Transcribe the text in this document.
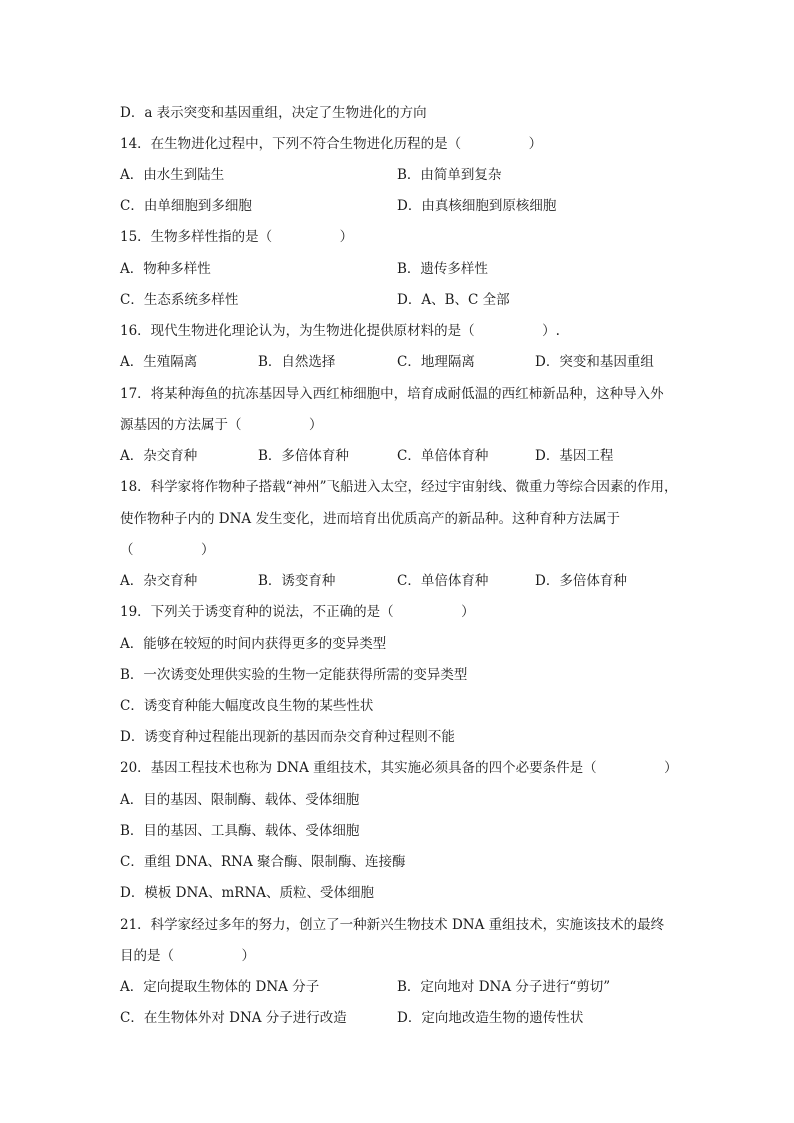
D．a 表示突变和基因重组，决定了生物进化的方向
14．在生物进化过程中，下列不符合生物进化历程的是（　　　　　）
A．由水生到陆生	B．由简单到复杂
C．由单细胞到多细胞	D．由真核细胞到原核细胞
15．生物多样性指的是（　　　　　）
A．物种多样性	B．遗传多样性
C．生态系统多样性	D．A、B、C 全部
16．现代生物进化理论认为，为生物进化提供原材料的是（　　　　　）.
A．生殖隔离	B．自然选择	C．地理隔离	D．突变和基因重组
17．将某种海鱼的抗冻基因导入西红柿细胞中，培育成耐低温的西红柿新品种，这种导入外
源基因的方法属于（　　　　　）
A．杂交育种	B．多倍体育种	C．单倍体育种	D．基因工程
18．科学家将作物种子搭载“神州”飞船进入太空，经过宇宙射线、微重力等综合因素的作用，
使作物种子内的 DNA 发生变化，进而培育出优质高产的新品种。这种育种方法属于
（　　　　　）
A．杂交育种	B．诱变育种	C．单倍体育种	D．多倍体育种
19．下列关于诱变育种的说法，不正确的是（　　　　　）
A．能够在较短的时间内获得更多的变异类型
B．一次诱变处理供实验的生物一定能获得所需的变异类型
C．诱变育种能大幅度改良生物的某些性状
D．诱变育种过程能出现新的基因而杂交育种过程则不能
20．基因工程技术也称为 DNA 重组技术，其实施必须具备的四个必要条件是（　　　　　）
A．目的基因、限制酶、载体、受体细胞
B．目的基因、工具酶、载体、受体细胞
C．重组 DNA、RNA 聚合酶、限制酶、连接酶
D．模板 DNA、mRNA、质粒、受体细胞
21．科学家经过多年的努力，创立了一种新兴生物技术 DNA 重组技术，实施该技术的最终
目的是（　　　　　）
A．定向提取生物体的 DNA 分子	B．定向地对 DNA 分子进行“剪切”
C．在生物体外对 DNA 分子进行改造	D．定向地改造生物的遗传性状
